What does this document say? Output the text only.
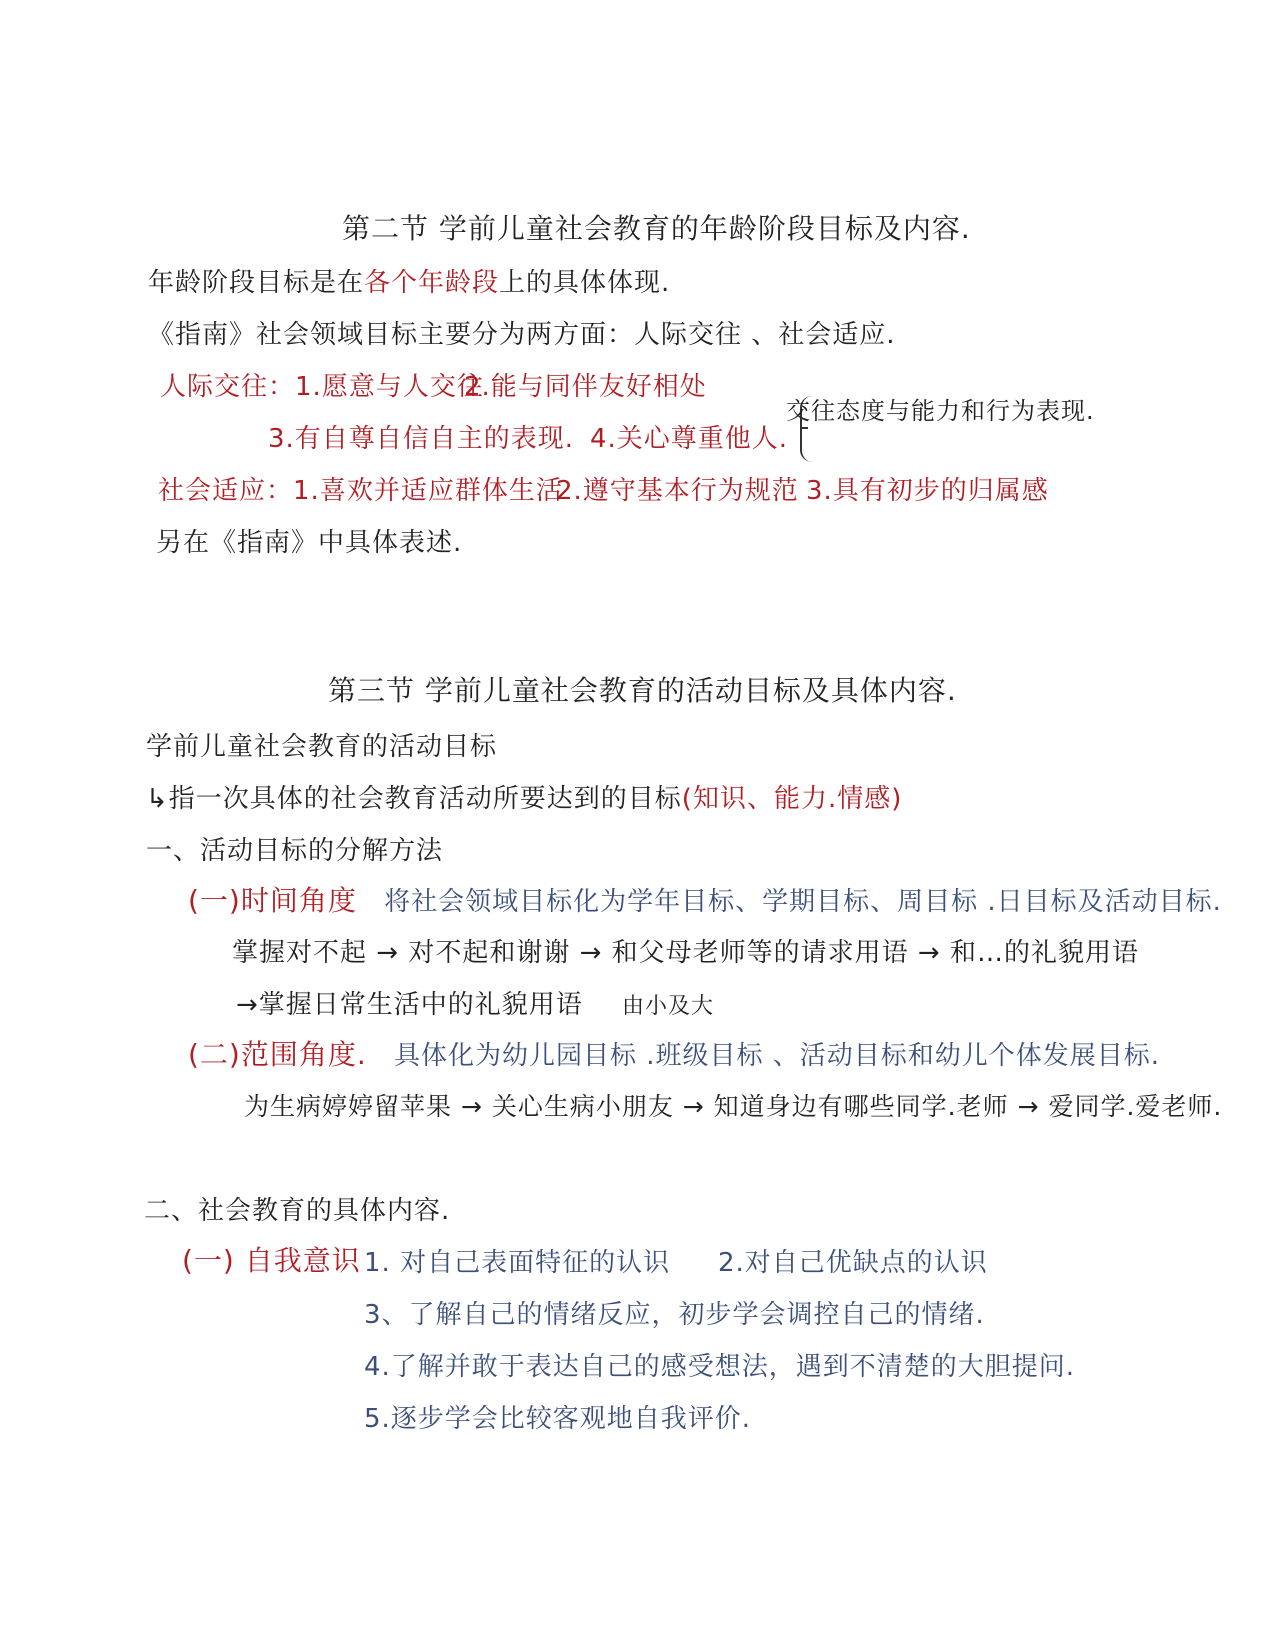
第二节 学前儿童社会教育的年龄阶段目标及内容.
年龄阶段目标是在各个年龄段上的具体体现.
《指南》社会领域目标主要分为两方面：人际交往 、社会适应.
人际交往：1.愿意与人交往
2.能与同伴友好相处
3.有自尊自信自主的表现. 4.关心尊重他人.
交往态度与能力和行为表现.
社会适应：1.喜欢并适应群体生活
2.遵守基本行为规范 3.具有初步的归属感
另在《指南》中具体表述.
第三节 学前儿童社会教育的活动目标及具体内容.
学前儿童社会教育的活动目标
↳指一次具体的社会教育活动所要达到的目标(知识、能力.情感)
一、活动目标的分解方法
(一)时间角度 将社会领域目标化为学年目标、学期目标、周目标 .日目标及活动目标.
掌握对不起 → 对不起和谢谢 → 和父母老师等的请求用语 → 和…的礼貌用语
→掌握日常生活中的礼貌用语 由小及大
(二)范围角度. 具体化为幼儿园目标 .班级目标 、活动目标和幼儿个体发展目标.
为生病婷婷留苹果 → 关心生病小朋友 → 知道身边有哪些同学.老师 → 爱同学.爱老师.
二、社会教育的具体内容.
(一) 自我意识 1. 对自己表面特征的认识 2.对自己优缺点的认识
3、了解自己的情绪反应，初步学会调控自己的情绪.
4.了解并敢于表达自己的感受想法，遇到不清楚的大胆提问.
5.逐步学会比较客观地自我评价.
